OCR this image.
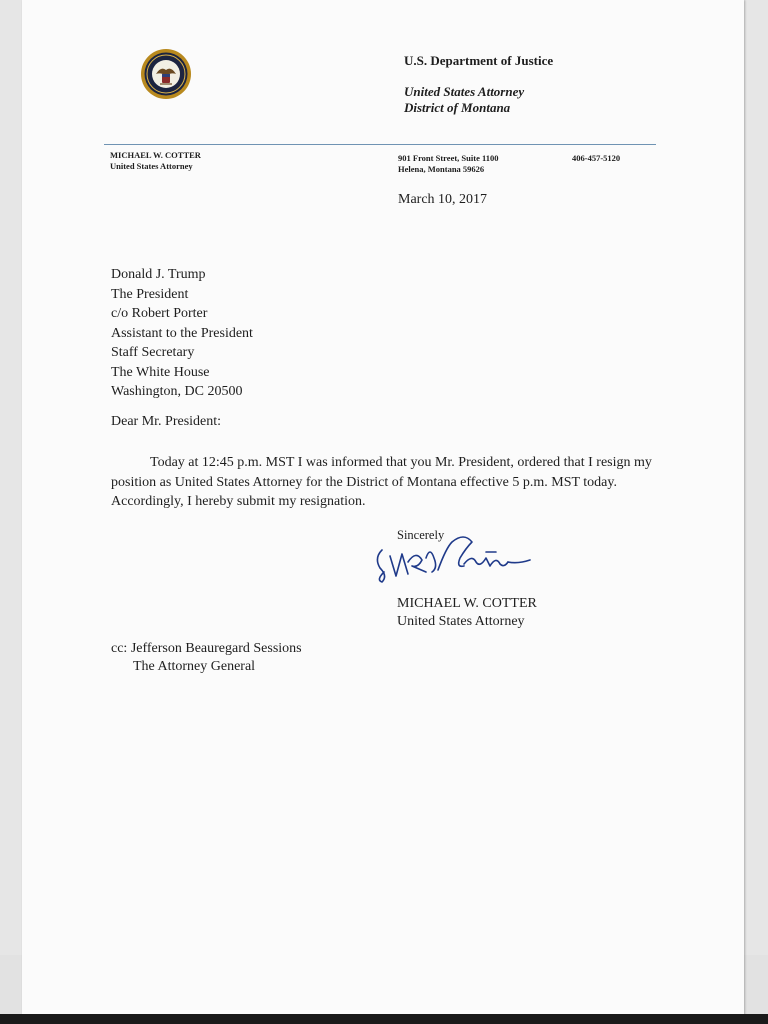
U.S. Department of Justice
United States Attorney
District of Montana
MICHAEL W. COTTER
United States Attorney
901 Front Street, Suite 1100
Helena, Montana 59626
406-457-5120
March 10, 2017
Donald J. Trump
The President
c/o Robert Porter
Assistant to the President
Staff Secretary
The White House
Washington, DC 20500
Dear Mr. President:
Today at 12:45 p.m. MST I was informed that you Mr. President, ordered that I resign my
position as United States Attorney for the District of Montana effective 5 p.m. MST today.
Accordingly, I hereby submit my resignation.
Sincerely
MICHAEL W. COTTER
United States Attorney
cc: Jefferson Beauregard Sessions
The Attorney General
